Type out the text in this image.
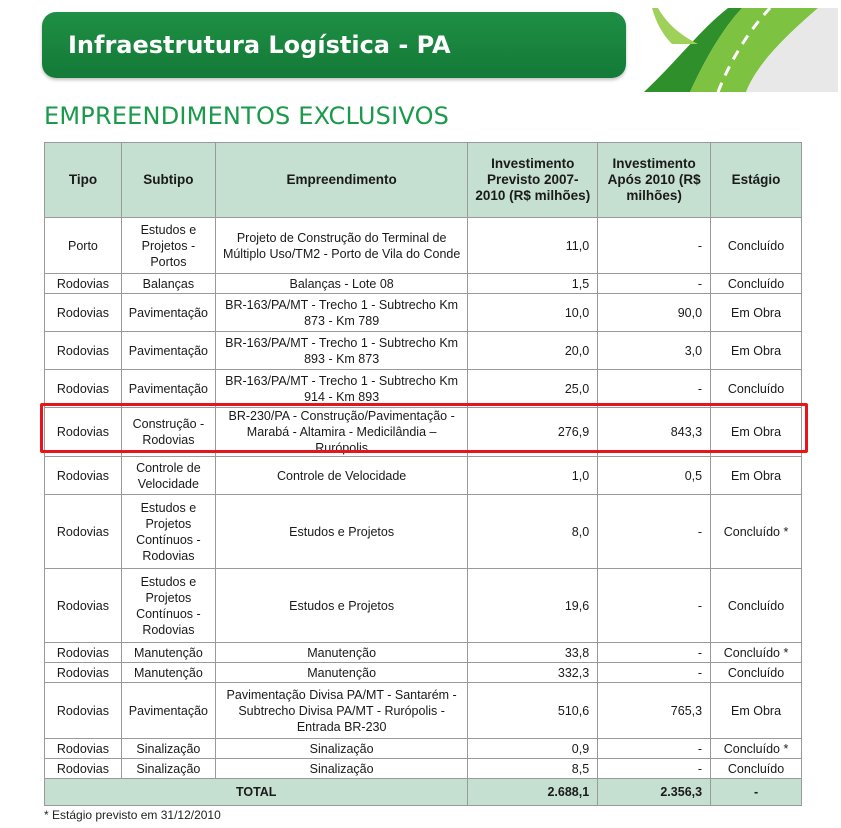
Infraestrutura Logística - PA
EMPREENDIMENTOS EXCLUSIVOS
Tipo	Subtipo	Empreendimento	Investimento Previsto 2007-2010 (R$ milhões)	Investimento Após 2010 (R$ milhões)	Estágio
Porto	Estudos e Projetos - Portos	Projeto de Construção do Terminal de Múltiplo Uso/TM2 - Porto de Vila do Conde	11,0	-	Concluído
Rodovias	Balanças	Balanças - Lote 08	1,5	-	Concluído
Rodovias	Pavimentação	BR-163/PA/MT - Trecho 1 - Subtrecho Km 873 - Km 789	10,0	90,0	Em Obra
Rodovias	Pavimentação	BR-163/PA/MT - Trecho 1 - Subtrecho Km 893 - Km 873	20,0	3,0	Em Obra
Rodovias	Pavimentação	BR-163/PA/MT - Trecho 1 - Subtrecho Km 914 - Km 893	25,0	-	Concluído
Rodovias	Construção - Rodovias	BR-230/PA - Construção/Pavimentação - Marabá - Altamira - Medicilândia – Rurópolis	276,9	843,3	Em Obra
Rodovias	Controle de Velocidade	Controle de Velocidade	1,0	0,5	Em Obra
Rodovias	Estudos e Projetos Contínuos - Rodovias	Estudos e Projetos	8,0	-	Concluído *
Rodovias	Estudos e Projetos Contínuos - Rodovias	Estudos e Projetos	19,6	-	Concluído
Rodovias	Manutenção	Manutenção	33,8	-	Concluído *
Rodovias	Manutenção	Manutenção	332,3	-	Concluído
Rodovias	Pavimentação	Pavimentação Divisa PA/MT - Santarém - Subtrecho Divisa PA/MT - Rurópolis - Entrada BR-230	510,6	765,3	Em Obra
Rodovias	Sinalização	Sinalização	0,9	-	Concluído *
Rodovias	Sinalização	Sinalização	8,5	-	Concluído
TOTAL			2.688,1	2.356,3	-
* Estágio previsto em 31/12/2010
